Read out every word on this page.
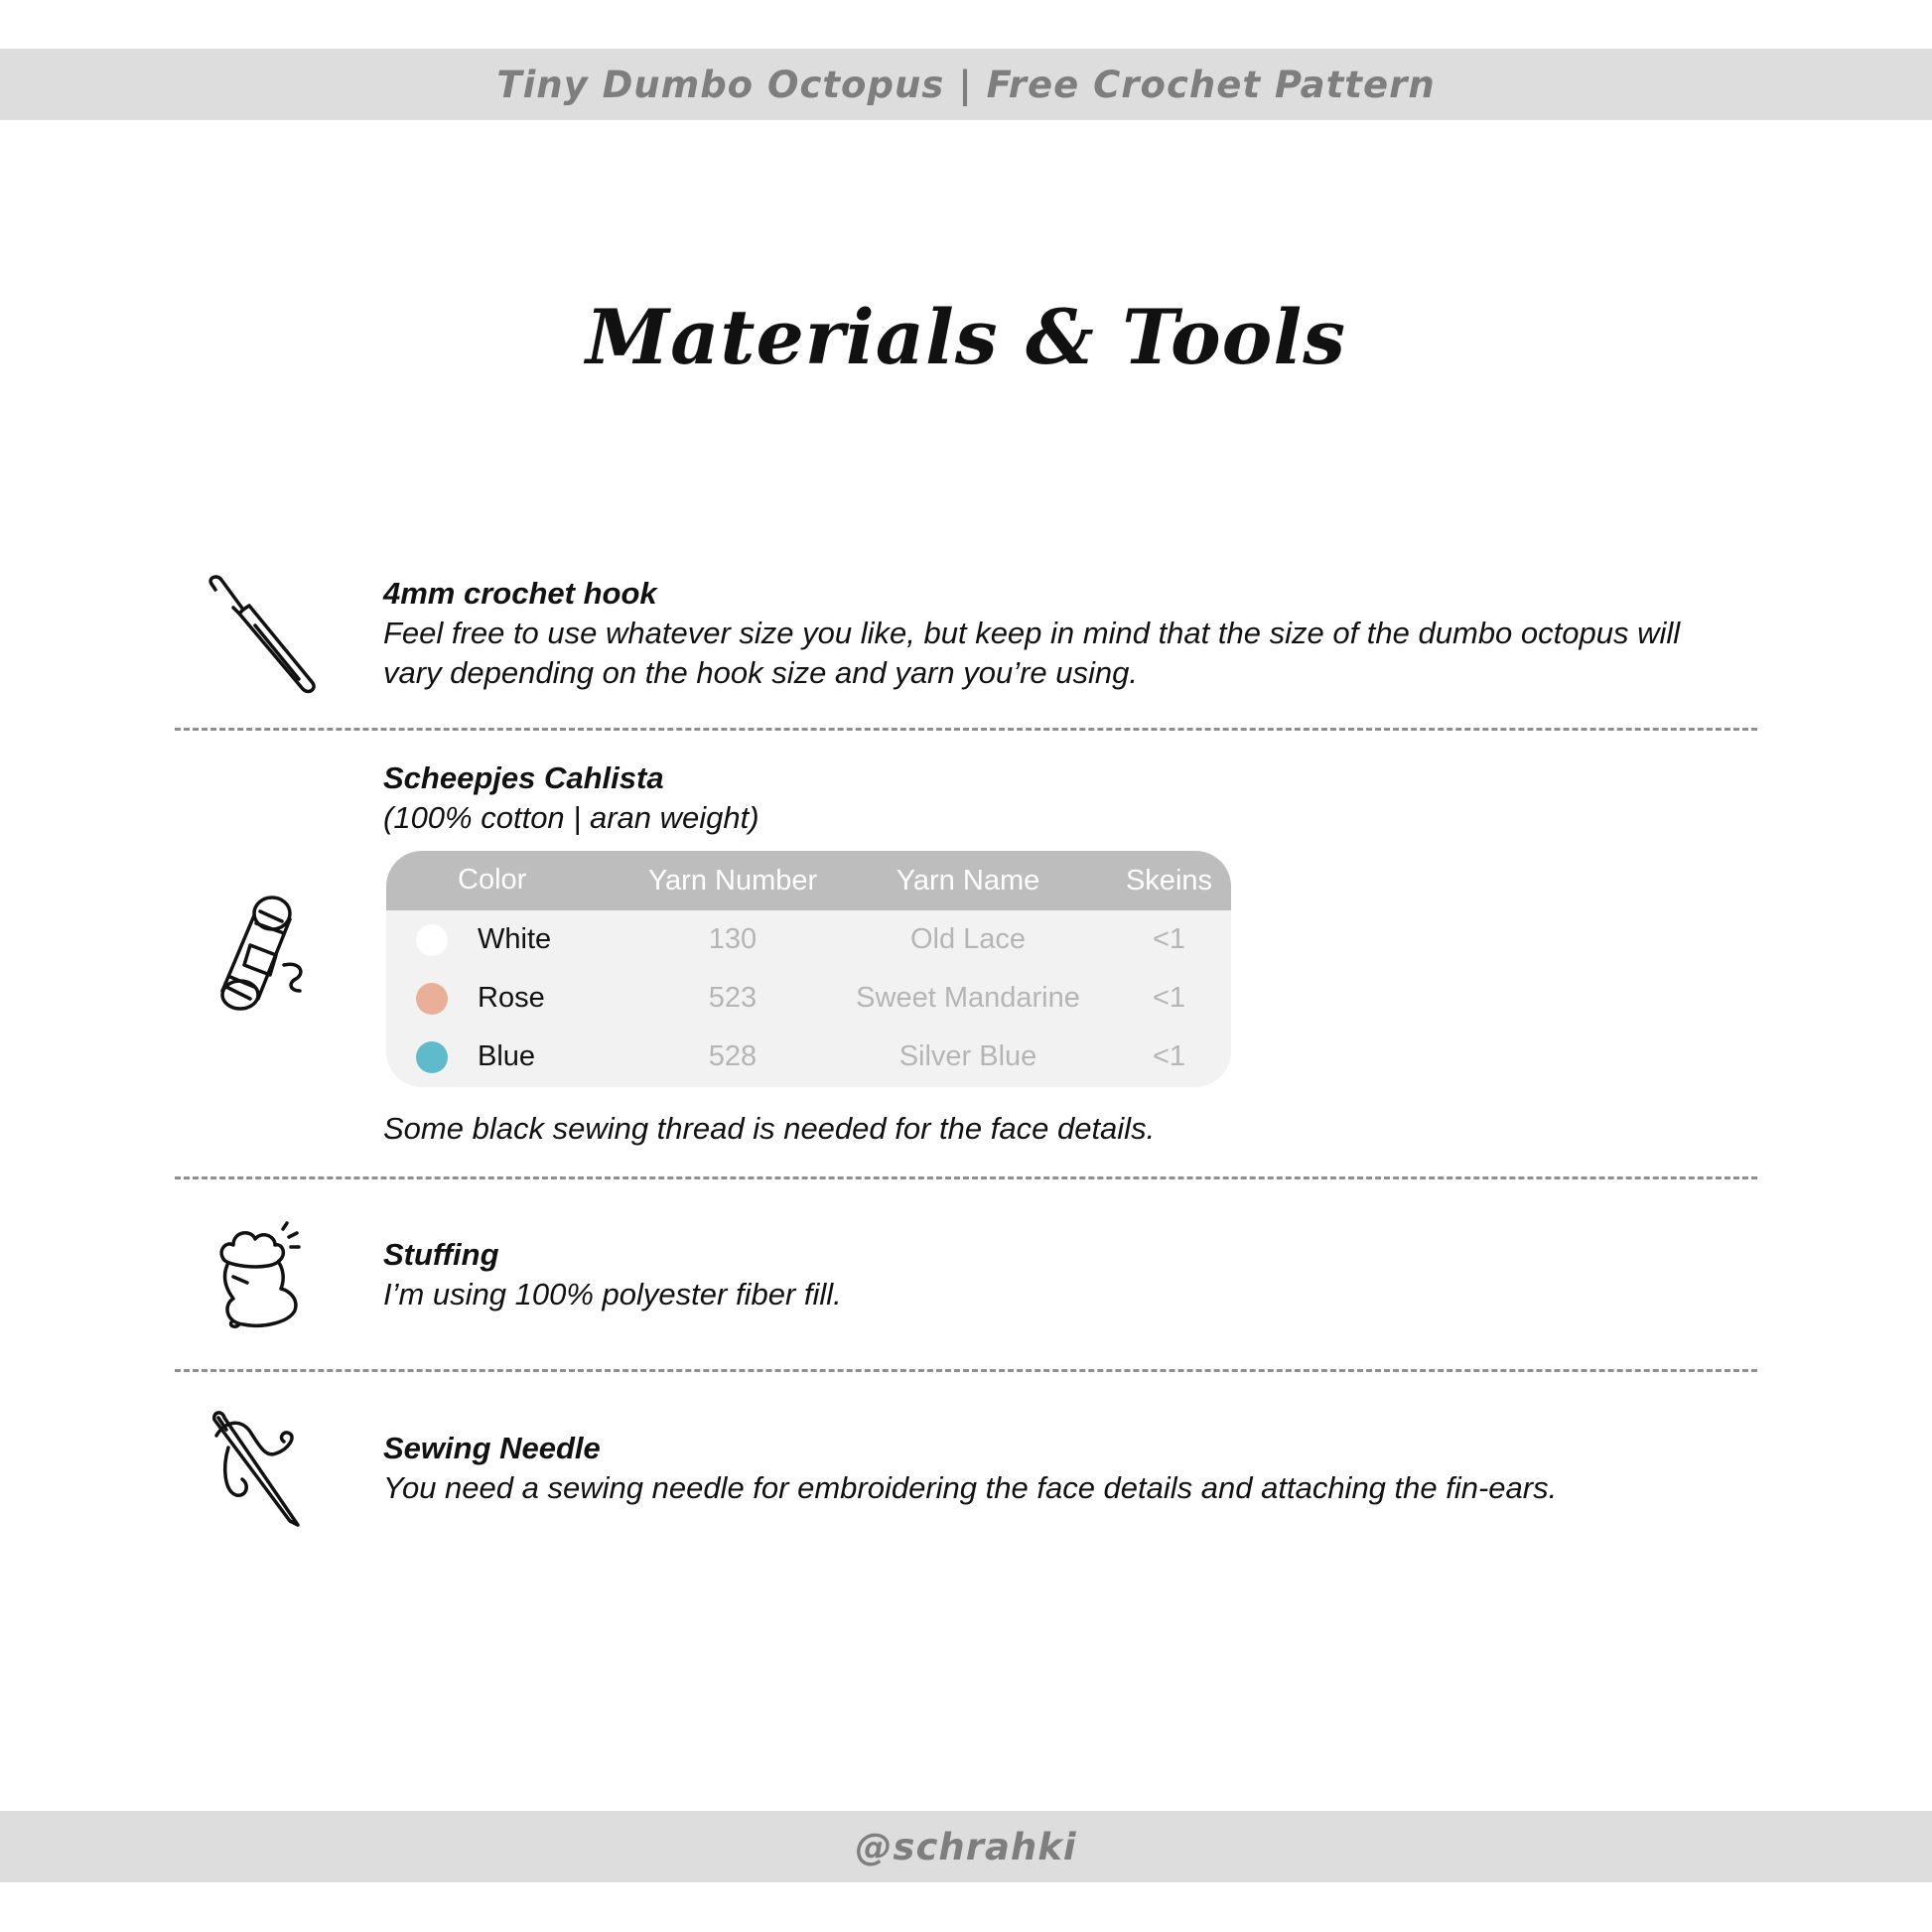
Tiny Dumbo Octopus | Free Crochet Pattern
Materials & Tools
4mm crochet hook
Feel free to use whatever size you like, but keep in mind that the size of the dumbo octopus will
vary depending on the hook size and yarn you’re using.
Scheepjes Cahlista
(100% cotton | aran weight)
Color	Yarn Number	Yarn Name	Skeins
White	130	Old Lace	<1
Rose	523	Sweet Mandarine	<1
Blue	528	Silver Blue	<1
Some black sewing thread is needed for the face details.
Stuffing
I’m using 100% polyester fiber fill.
Sewing Needle
You need a sewing needle for embroidering the face details and attaching the fin-ears.
@schrahki
